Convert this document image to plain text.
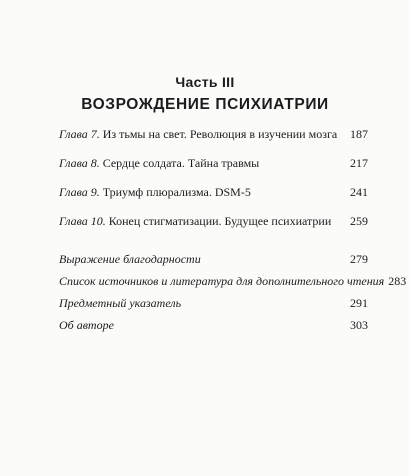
Часть III
ВОЗРОЖДЕНИЕ ПСИХИАТРИИ
Глава 7. Из тьмы на свет. Революция в изучении мозга	187
Глава 8. Сердце солдата. Тайна травмы	217
Глава 9. Триумф плюрализма. DSM-5	241
Глава 10. Конец стигматизации. Будущее психиатрии	259
Выражение благодарности	279
Список источников и литература для дополнительного чтения 283
Предметный указатель	291
Об авторе	303
